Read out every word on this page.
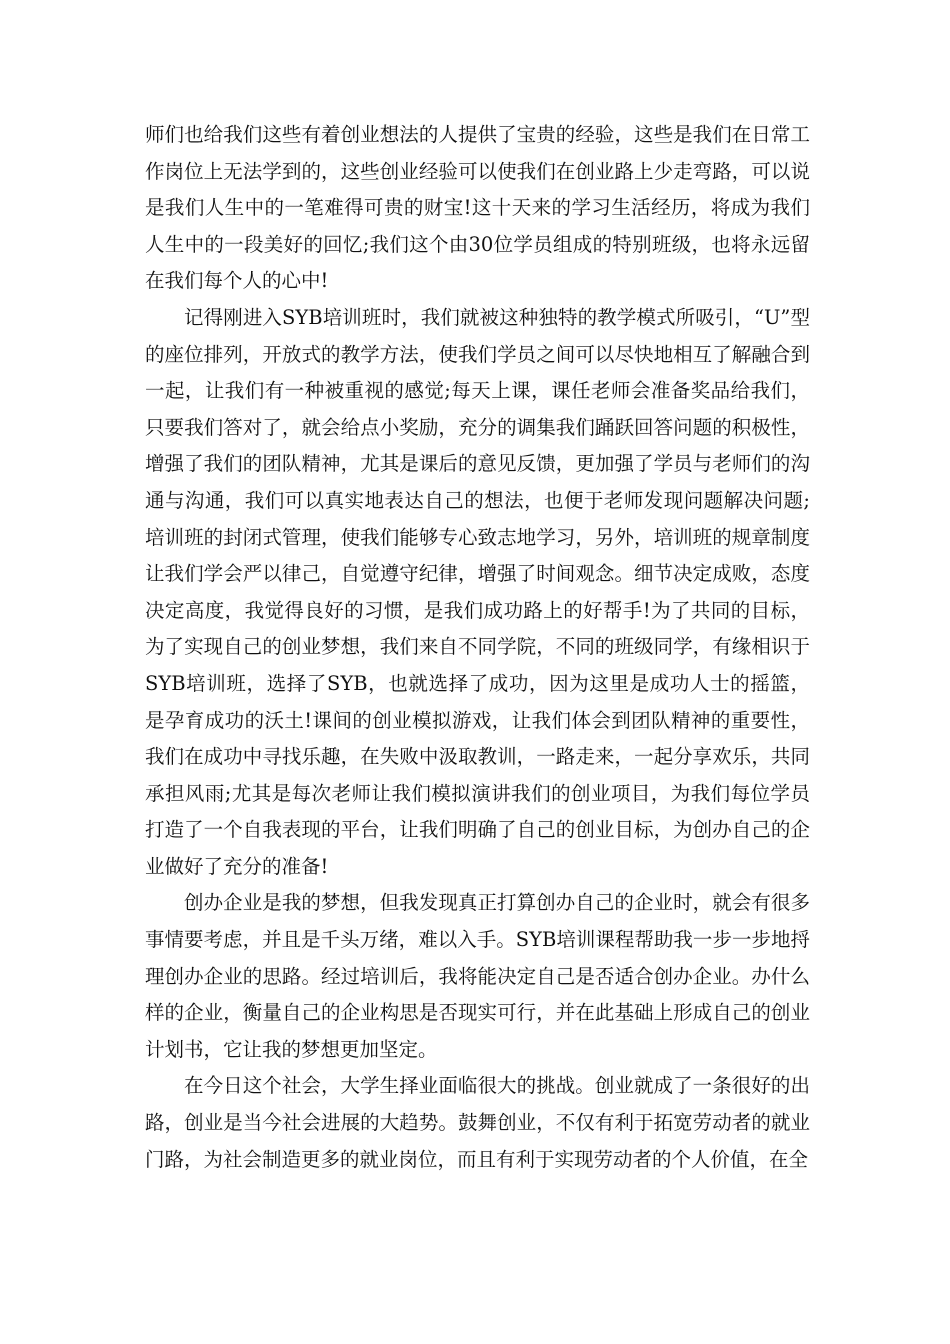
师们也给我们这些有着创业想法的人提供了宝贵的经验，这些是我们在日常工作岗位上无法学到的，这些创业经验可以使我们在创业路上少走弯路，可以说是我们人生中的一笔难得可贵的财宝!这十天来的学习生活经历，将成为我们人生中的一段美好的回忆;我们这个由30位学员组成的特别班级，也将永远留在我们每个人的心中!

记得刚进入SYB培训班时，我们就被这种独特的教学模式所吸引，“U”型的座位排列，开放式的教学方法，使我们学员之间可以尽快地相互了解融合到一起，让我们有一种被重视的感觉;每天上课，课任老师会准备奖品给我们，只要我们答对了，就会给点小奖励，充分的调集我们踊跃回答问题的积极性，增强了我们的团队精神，尤其是课后的意见反馈，更加强了学员与老师们的沟通与沟通，我们可以真实地表达自己的想法，也便于老师发现问题解决问题;培训班的封闭式管理，使我们能够专心致志地学习，另外，培训班的规章制度让我们学会严以律己，自觉遵守纪律，增强了时间观念。细节决定成败，态度决定高度，我觉得良好的习惯，是我们成功路上的好帮手!为了共同的目标，为了实现自己的创业梦想，我们来自不同学院，不同的班级同学，有缘相识于SYB培训班，选择了SYB，也就选择了成功，因为这里是成功人士的摇篮，是孕育成功的沃土!课间的创业模拟游戏，让我们体会到团队精神的重要性，我们在成功中寻找乐趣，在失败中汲取教训，一路走来，一起分享欢乐，共同承担风雨;尤其是每次老师让我们模拟演讲我们的创业项目，为我们每位学员打造了一个自我表现的平台，让我们明确了自己的创业目标，为创办自己的企业做好了充分的准备!

创办企业是我的梦想，但我发现真正打算创办自己的企业时，就会有很多事情要考虑，并且是千头万绪，难以入手。SYB培训课程帮助我一步一步地捋理创办企业的思路。经过培训后，我将能决定自己是否适合创办企业。办什么样的企业，衡量自己的企业构思是否现实可行，并在此基础上形成自己的创业计划书，它让我的梦想更加坚定。

在今日这个社会，大学生择业面临很大的挑战。创业就成了一条很好的出路，创业是当今社会进展的大趋势。鼓舞创业，不仅有利于拓宽劳动者的就业门路，为社会制造更多的就业岗位，而且有利于实现劳动者的个人价值，在全
